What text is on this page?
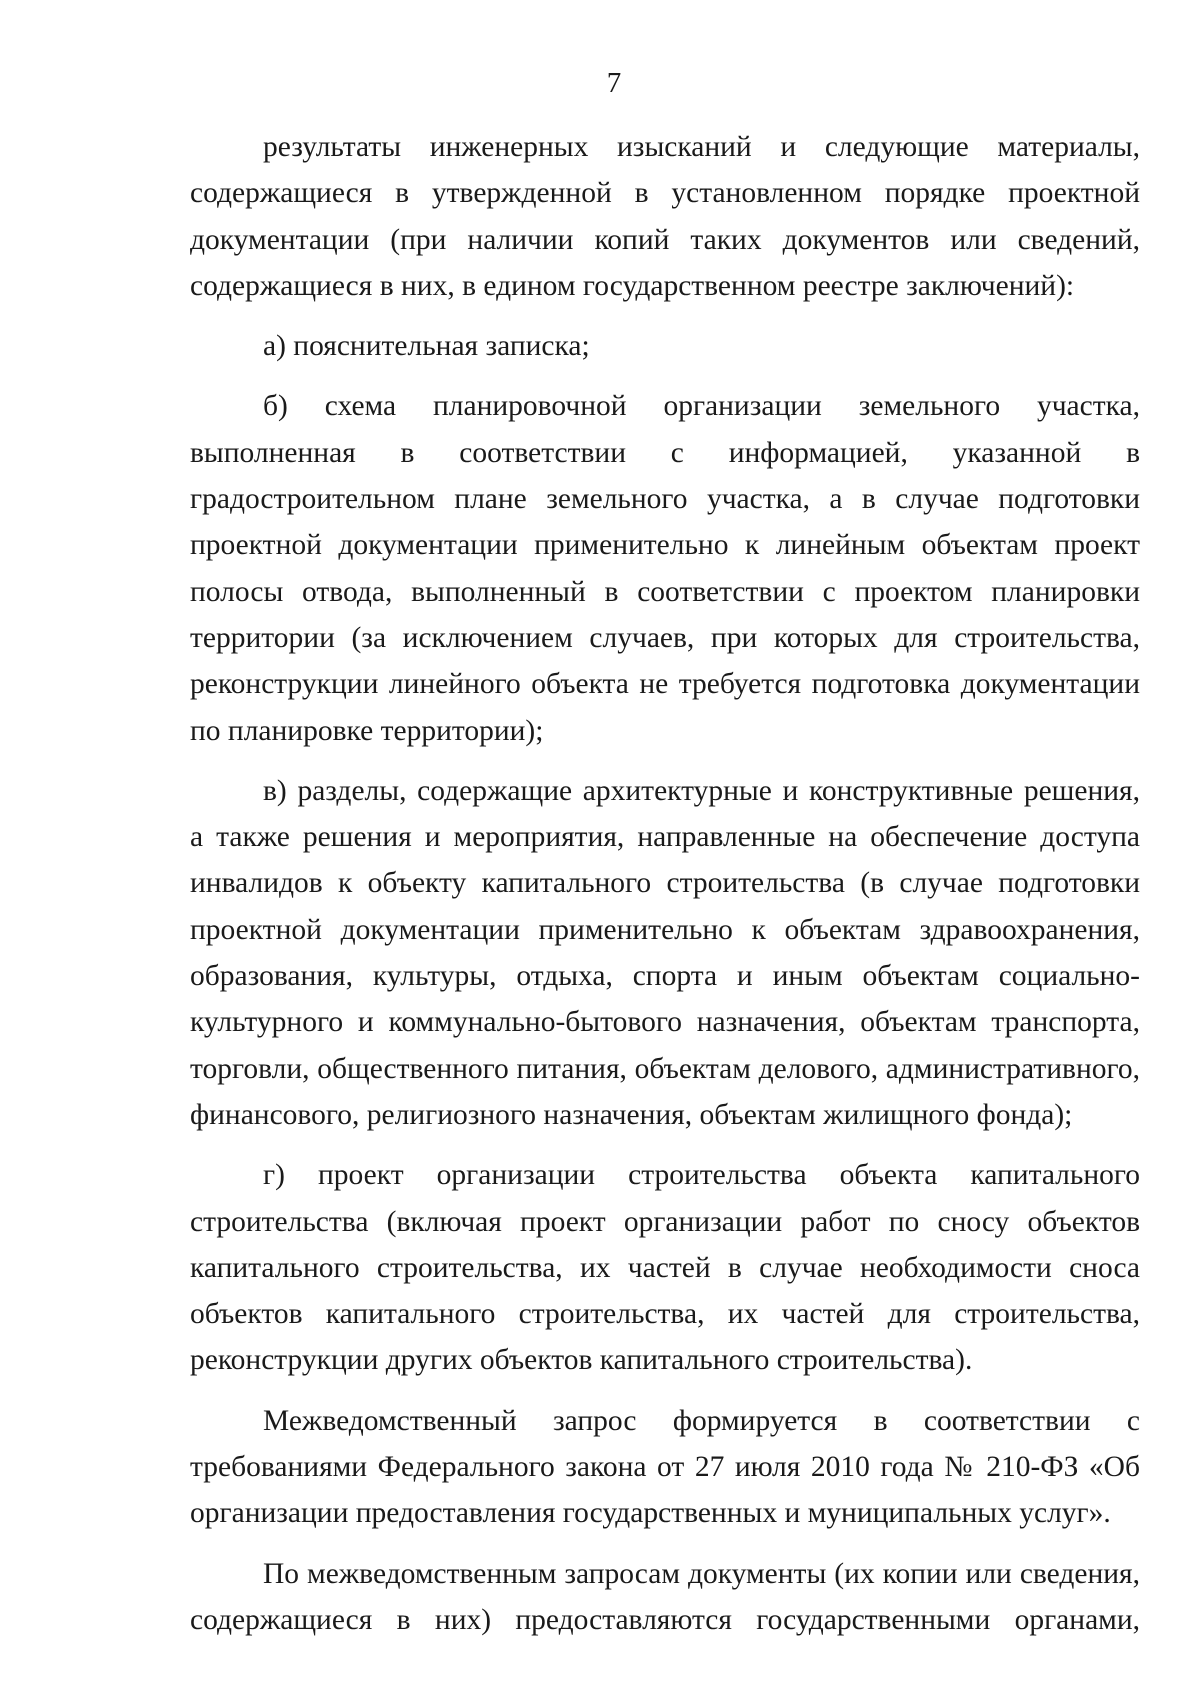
7

результаты инженерных изысканий и следующие материалы, содержащиеся в утвержденной в установленном порядке проектной документации (при наличии копий таких документов или сведений, содержащиеся в них, в едином государственном реестре заключений):

а) пояснительная записка;

б) схема планировочной организации земельного участка, выполненная в соответствии с информацией, указанной в градостроительном плане земельного участка, а в случае подготовки проектной документации применительно к линейным объектам проект полосы отвода, выполненный в соответствии с проектом планировки территории (за исключением случаев, при которых для строительства, реконструкции линейного объекта не требуется подготовка документации по планировке территории);

в) разделы, содержащие архитектурные и конструктивные решения, а также решения и мероприятия, направленные на обеспечение доступа инвалидов к объекту капитального строительства (в случае подготовки проектной документации применительно к объектам здравоохранения, образования, культуры, отдыха, спорта и иным объектам социально-культурного и коммунально-бытового назначения, объектам транспорта, торговли, общественного питания, объектам делового, административного, финансового, религиозного назначения, объектам жилищного фонда);

г) проект организации строительства объекта капитального строительства (включая проект организации работ по сносу объектов капитального строительства, их частей в случае необходимости сноса объектов капитального строительства, их частей для строительства, реконструкции других объектов капитального строительства).

Межведомственный запрос формируется в соответствии с требованиями Федерального закона от 27 июля 2010 года № 210-ФЗ «Об организации предоставления государственных и муниципальных услуг».

По межведомственным запросам документы (их копии или сведения, содержащиеся в них) предоставляются государственными органами,
